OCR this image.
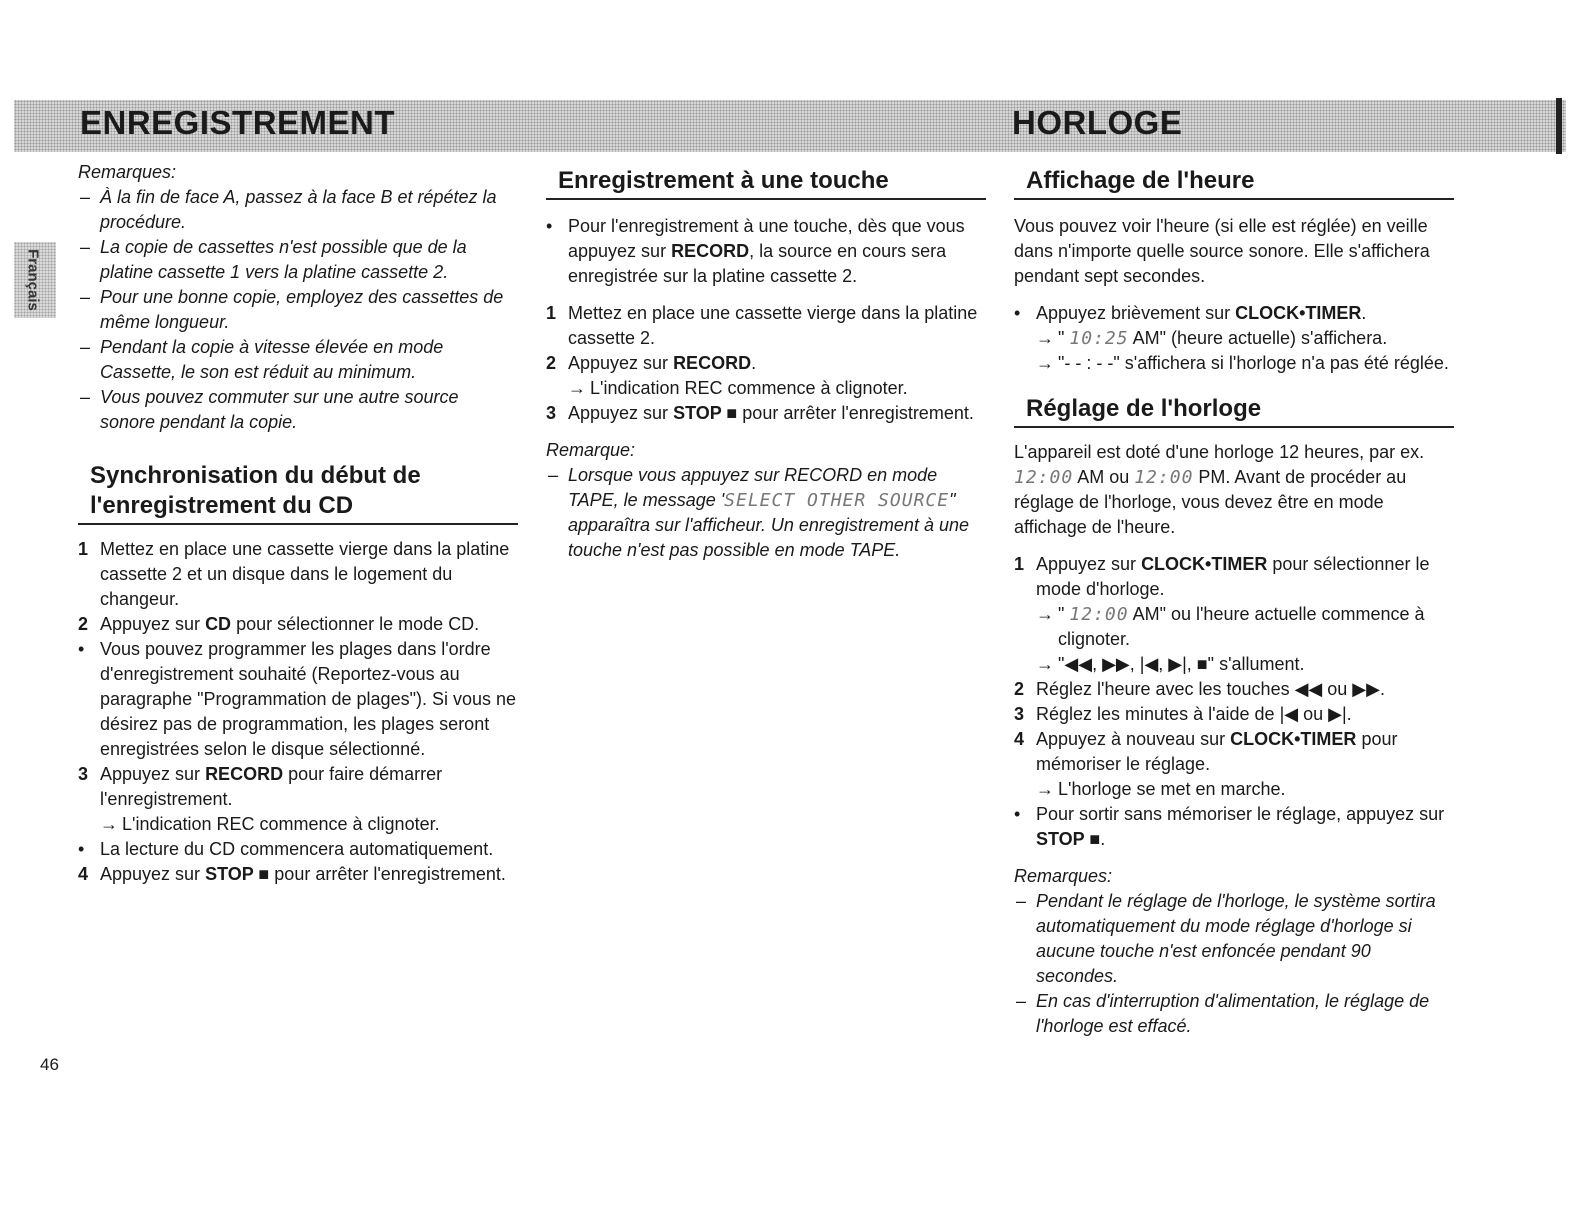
ENREGISTREMENT	HORLOGE
Français

Remarques:

– À la fin de face A, passez à la face B et répétez la procédure.
– La copie de cassettes n'est possible que de la platine cassette 1 vers la platine cassette 2.
– Pour une bonne copie, employez des cassettes de même longueur.
– Pendant la copie à vitesse élevée en mode Cassette, le son est réduit au minimum.
– Vous pouvez commuter sur une autre source sonore pendant la copie.
Synchronisation du début de
l'enregistrement du CD
1 Mettez en place une cassette vierge dans la platine cassette 2 et un disque dans le logement du changeur.
2 Appuyez sur CD pour sélectionner le mode CD.
• Vous pouvez programmer les plages dans l'ordre d'enregistrement souhaité (Reportez-vous au paragraphe "Programmation de plages"). Si vous ne désirez pas de programmation, les plages seront enregistrées selon le disque sélectionné.
3 Appuyez sur RECORD pour faire démarrer l'enregistrement.
→ L'indication REC commence à clignoter.
• La lecture du CD commencera automatiquement.
4 Appuyez sur STOP ■ pour arrêter l'enregistrement.
Enregistrement à une touche
• Pour l'enregistrement à une touche, dès que vous appuyez sur RECORD, la source en cours sera enregistrée sur la platine cassette 2.
1 Mettez en place une cassette vierge dans la platine cassette 2.
2 Appuyez sur RECORD.
→ L'indication REC commence à clignoter.
3 Appuyez sur STOP ■ pour arrêter l'enregistrement.

Remarque:

– Lorsque vous appuyez sur RECORD en mode TAPE, le message 'SELECT OTHER SOURCE" apparaîtra sur l'afficheur. Un enregistrement à une touche n'est pas possible en mode TAPE.
Affichage de l'heure

Vous pouvez voir l'heure (si elle est réglée) en veille dans n'importe quelle source sonore. Elle s'affichera pendant sept secondes.

• Appuyez brièvement sur CLOCK•TIMER.
→ " 10:25 AM" (heure actuelle) s'affichera.
→ "- - : - -" s'affichera si l'horloge n'a pas été réglée.
Réglage de l'horloge

L'appareil est doté d'une horloge 12 heures, par ex. 12:00 AM ou 12:00 PM. Avant de procéder au réglage de l'horloge, vous devez être en mode affichage de l'heure.

1 Appuyez sur CLOCK•TIMER pour sélectionner le mode d'horloge.
→ " 12:00 AM" ou l'heure actuelle commence à clignoter.
→ "◀◀, ▶▶, |◀, ▶|, ■" s'allument.
2 Réglez l'heure avec les touches ◀◀ ou ▶▶.
3 Réglez les minutes à l'aide de |◀ ou ▶|.
4 Appuyez à nouveau sur CLOCK•TIMER pour mémoriser le réglage.
→ L'horloge se met en marche.
• Pour sortir sans mémoriser le réglage, appuyez sur STOP ■.

Remarques:

– Pendant le réglage de l'horloge, le système sortira automatiquement du mode réglage d'horloge si aucune touche n'est enfoncée pendant 90 secondes.
– En cas d'interruption d'alimentation, le réglage de l'horloge est effacé.
46
